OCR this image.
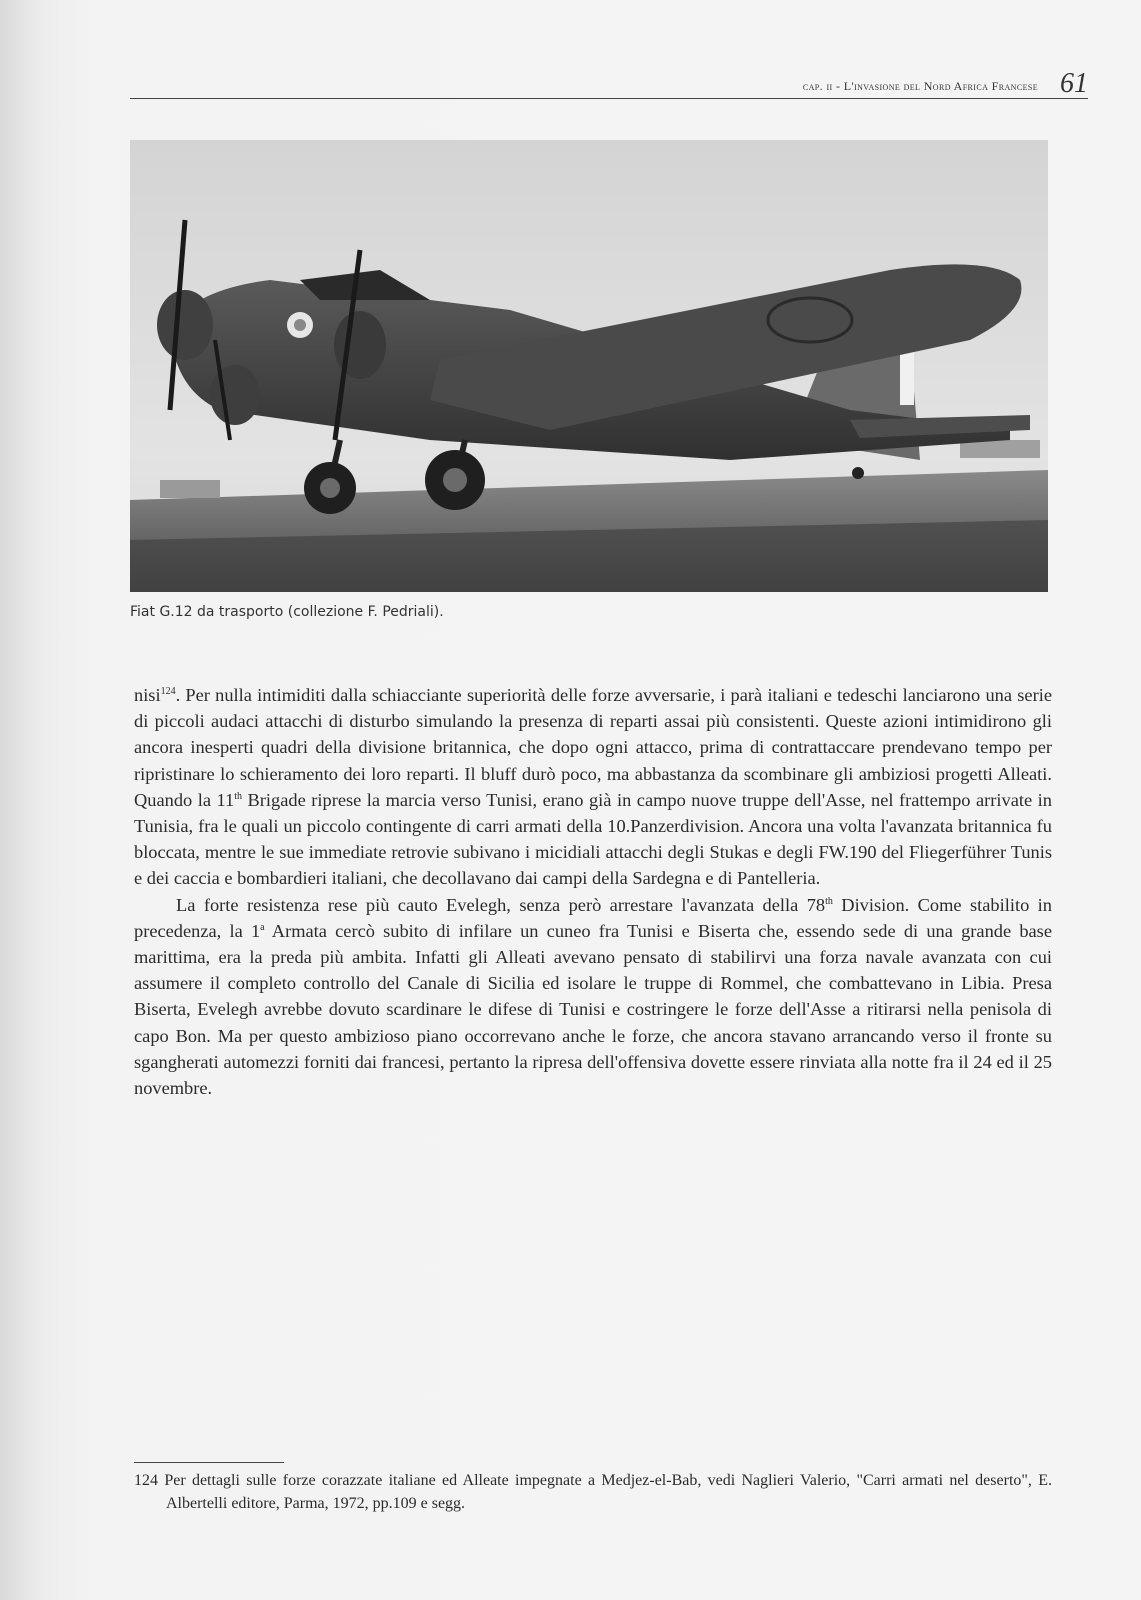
cap. ii - L'invasione del Nord Africa Francese 61
Fiat G.12 da trasporto (collezione F. Pedriali).

nisi$^{124}$. Per nulla intimiditi dalla schiacciante superiorità delle forze avversarie, i parà italiani e tedeschi lanciarono una serie di piccoli audaci attacchi di disturbo simulando la presenza di reparti assai più consistenti. Queste azioni intimidirono gli ancora inesperti quadri della divisione britannica, che dopo ogni attacco, prima di contrattaccare prendevano tempo per ripristinare lo schieramento dei loro reparti. Il bluff durò poco, ma abbastanza da scombinare gli ambiziosi progetti Alleati. Quando la 11th Brigade riprese la marcia verso Tunisi, erano già in campo nuove truppe dell'Asse, nel frattempo arrivate in Tunisia, fra le quali un piccolo contingente di carri armati della 10.Panzerdivision. Ancora una volta l'avanzata britannica fu bloccata, mentre le sue immediate retrovie subivano i micidiali attacchi degli Stukas e degli FW.190 del Fliegerführer Tunis e dei caccia e bombardieri italiani, che decollavano dai campi della Sardegna e di Pantelleria.

La forte resistenza rese più cauto Evelegh, senza però arrestare l'avanzata della 78th Division. Come stabilito in precedenza, la 1$^a$ Armata cercò subito di infilare un cuneo fra Tunisi e Biserta che, essendo sede di una grande base marittima, era la preda più ambita. Infatti gli Alleati avevano pensato di stabilirvi una forza navale avanzata con cui assumere il completo controllo del Canale di Sicilia ed isolare le truppe di Rommel, che combattevano in Libia. Presa Biserta, Evelegh avrebbe dovuto scardinare le difese di Tunisi e costringere le forze dell'Asse a ritirarsi nella penisola di capo Bon. Ma per questo ambizioso piano occorrevano anche le forze, che ancora stavano arrancando verso il fronte su sgangherati automezzi forniti dai francesi, pertanto la ripresa dell'offensiva dovette essere rinviata alla notte fra il 24 ed il 25 novembre.

124 Per dettagli sulle forze corazzate italiane ed Alleate impegnate a Medjez-el-Bab, vedi Naglieri Valerio, "Carri armati nel deserto", E. Albertelli editore, Parma, 1972, pp.109 e segg.
